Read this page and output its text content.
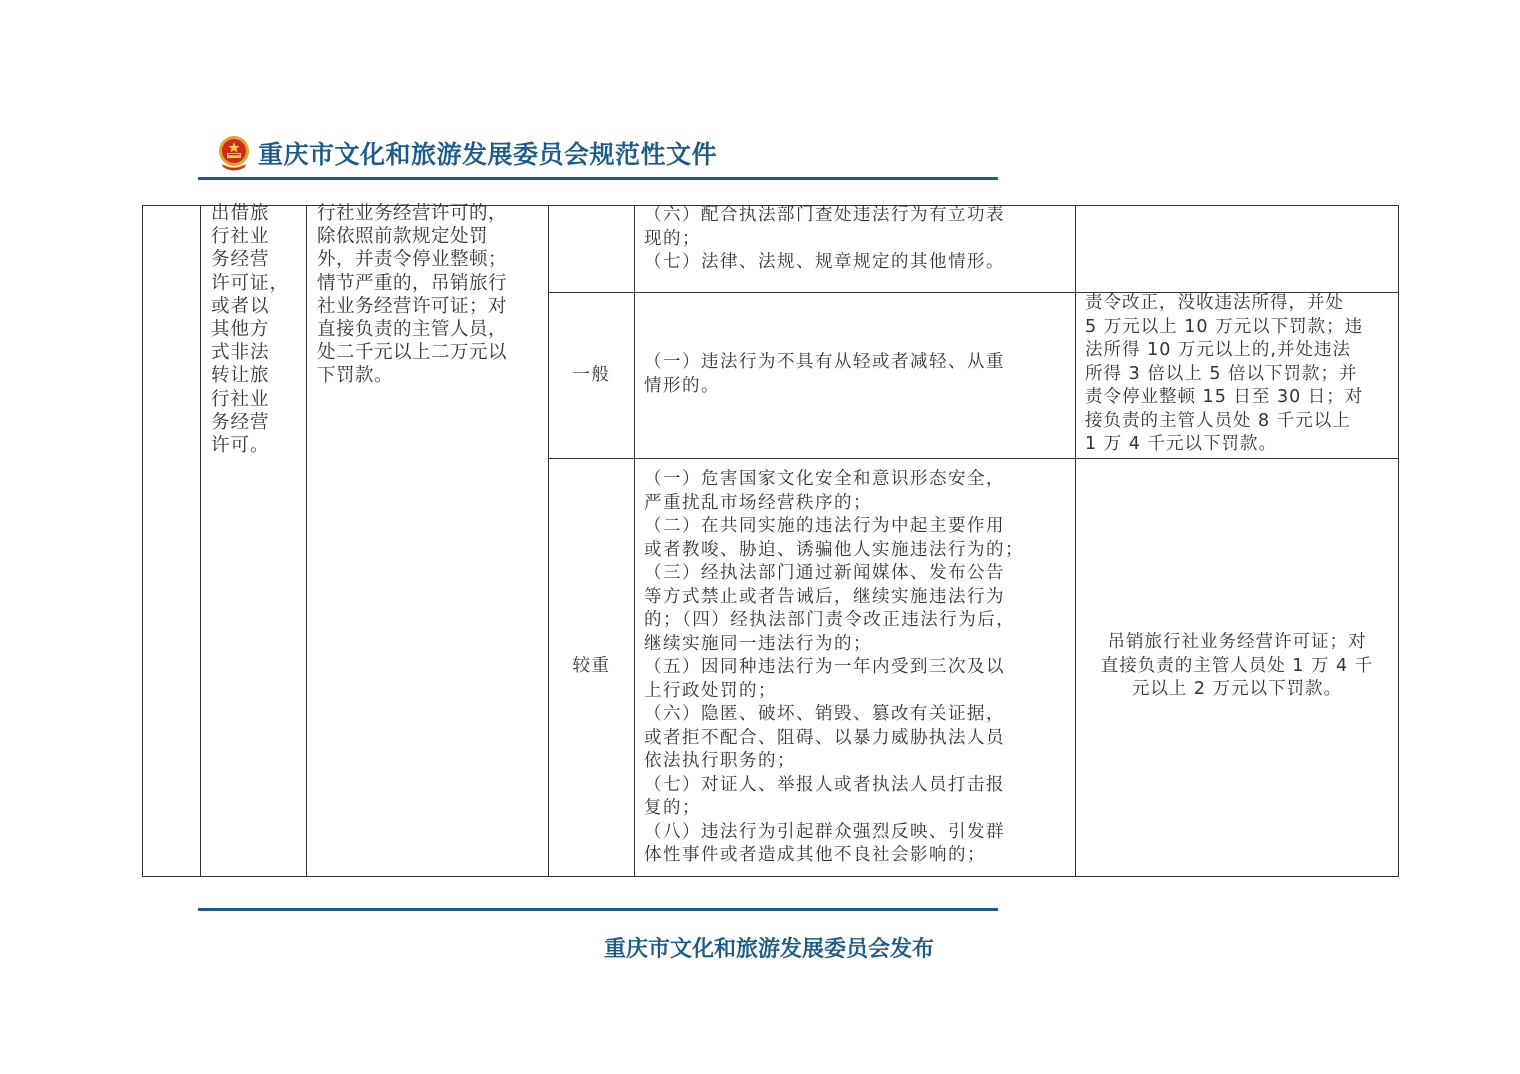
重庆市文化和旅游发展委员会规范性文件
出借旅
行社业
务经营
许可证，
或者以
其他方
式非法
转让旅
行社业
务经营
许可。
行社业务经营许可的，
除依照前款规定处罚
外，并责令停业整顿；
情节严重的，吊销旅行
社业务经营许可证；对
直接负责的主管人员，
处二千元以上二万元以
下罚款。
（六）配合执法部门查处违法行为有立功表
现的；
（七）法律、法规、规章规定的其他情形。
一般
（一）违法行为不具有从轻或者减轻、从重
情形的。
责令改正，没收违法所得，并处
5 万元以上 10 万元以下罚款；违
法所得 10 万元以上的,并处违法
所得 3 倍以上 5 倍以下罚款；并
责令停业整顿 15 日至 30 日；对
接负责的主管人员处 8 千元以上
1 万 4 千元以下罚款。
较重
（一）危害国家文化安全和意识形态安全，
严重扰乱市场经营秩序的；
（二）在共同实施的违法行为中起主要作用
或者教唆、胁迫、诱骗他人实施违法行为的；
（三）经执法部门通过新闻媒体、发布公告
等方式禁止或者告诫后，继续实施违法行为
的；（四）经执法部门责令改正违法行为后，
继续实施同一违法行为的；
（五）因同种违法行为一年内受到三次及以
上行政处罚的；
（六）隐匿、破坏、销毁、篡改有关证据，
或者拒不配合、阻碍、以暴力威胁执法人员
依法执行职务的；
（七）对证人、举报人或者执法人员打击报
复的；
（八）违法行为引起群众强烈反映、引发群
体性事件或者造成其他不良社会影响的；
吊销旅行社业务经营许可证；对
直接负责的主管人员处 1 万 4 千
元以上 2 万元以下罚款。
重庆市文化和旅游发展委员会发布
